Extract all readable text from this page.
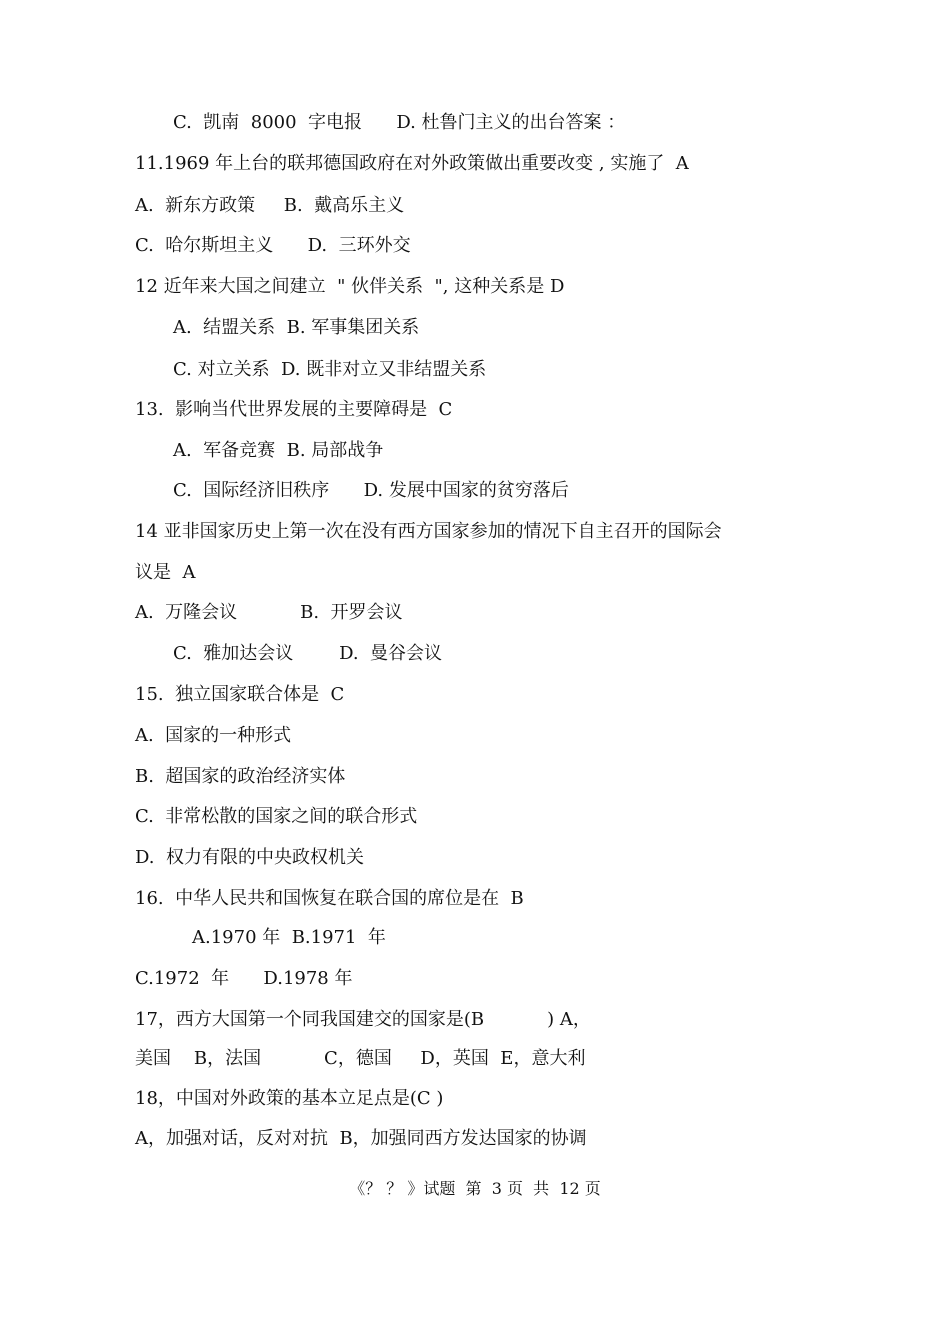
C.  凯南  8000  字电报      D. 杜鲁门主义的出台答案 ：
11.1969 年上台的联邦德国政府在对外政策做出重要改变 , 实施了  A
A.  新东方政策     B.  戴高乐主义
C.  哈尔斯坦主义      D.  三环外交
12 近年来大国之间建立  " 伙伴关系  ", 这种关系是 D
A.  结盟关系  B. 军事集团关系
C. 对立关系  D. 既非对立又非结盟关系
13.  影响当代世界发展的主要障碍是  C
A.  军备竞赛  B. 局部战争
C.  国际经济旧秩序      D. 发展中国家的贫穷落后
14 亚非国家历史上第一次在没有西方国家参加的情况下自主召开的国际会
议是  A
A.  万隆会议           B.  开罗会议
C.  雅加达会议        D.  曼谷会议
15.  独立国家联合体是  C
A.  国家的一种形式
B.  超国家的政治经济实体
C.  非常松散的国家之间的联合形式
D.  权力有限的中央政权机关
16.  中华人民共和国恢复在联合国的席位是在  B
A.1970 年  B.1971  年
C.1972  年      D.1978 年
17，西方大国第一个同我国建交的国家是(B           ) A，
美国    B，法国           C，德国     D，英国  E，意大利
18，中国对外政策的基本立足点是(C )
A，加强对话，反对对抗  B，加强同西方发达国家的协调
《？ ？ 》试题  第  3 页  共  12 页
